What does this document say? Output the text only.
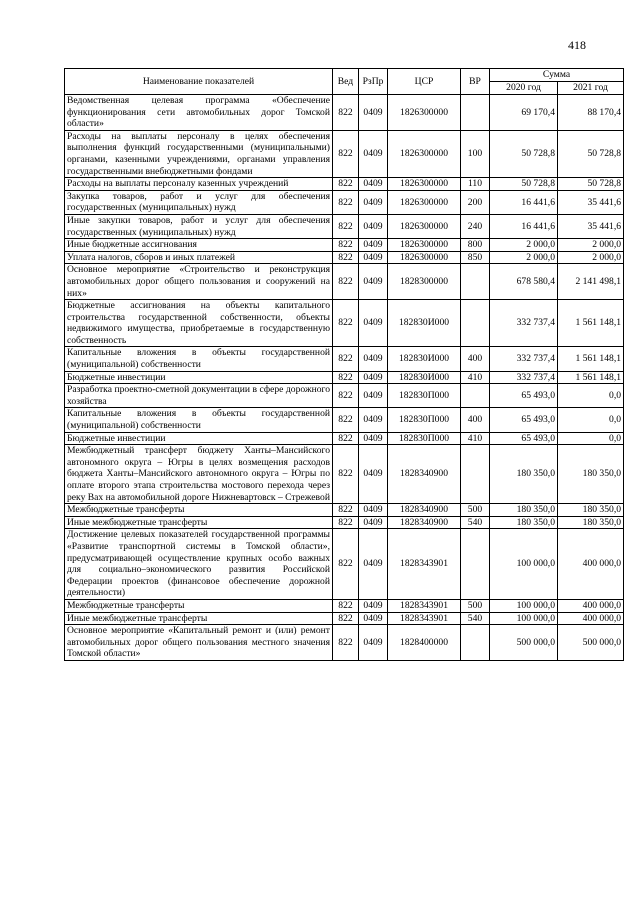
418
Наименование показателей	Вед	РзПр	ЦСР	ВР	Сумма	
					2020 год	2021 год
Ведомственная целевая программа «Обеспечение функционирования сети автомобильных дорог Томской области»	822	0409	1826300000		69 170,4	88 170,4
Расходы на выплаты персоналу в целях обеспечения выполнения функций государственными (муниципальными) органами, казенными учреждениями, органами управления государственными внебюджетными фондами	822	0409	1826300000	100	50 728,8	50 728,8
Расходы на выплаты персоналу казенных учреждений	822	0409	1826300000	110	50 728,8	50 728,8
Закупка товаров, работ и услуг для обеспечения государственных (муниципальных) нужд	822	0409	1826300000	200	16 441,6	35 441,6
Иные закупки товаров, работ и услуг для обеспечения государственных (муниципальных) нужд	822	0409	1826300000	240	16 441,6	35 441,6
Иные бюджетные ассигнования	822	0409	1826300000	800	2 000,0	2 000,0
Уплата налогов, сборов и иных платежей	822	0409	1826300000	850	2 000,0	2 000,0
Основное мероприятие «Строительство и реконструкция автомобильных дорог общего пользования и сооружений на них»	822	0409	1828300000		678 580,4	2 141 498,1
Бюджетные ассигнования на объекты капитального строительства государственной собственности, объекты недвижимого имущества, приобретаемые в государственную собственность	822	0409	182830И000		332 737,4	1 561 148,1
Капитальные вложения в объекты государственной (муниципальной) собственности	822	0409	182830И000	400	332 737,4	1 561 148,1
Бюджетные инвестиции	822	0409	182830И000	410	332 737,4	1 561 148,1
Разработка проектно-сметной документации в сфере дорожного хозяйства	822	0409	182830П000		65 493,0	0,0
Капитальные вложения в объекты государственной (муниципальной) собственности	822	0409	182830П000	400	65 493,0	0,0
Бюджетные инвестиции	822	0409	182830П000	410	65 493,0	0,0
Межбюджетный трансферт бюджету Ханты–Мансийского автономного округа – Югры в целях возмещения расходов бюджета Ханты–Мансийского автономного округа – Югры по оплате второго этапа строительства мостового перехода через реку Вах на автомобильной дороге Нижневартовск – Стрежевой	822	0409	1828340900		180 350,0	180 350,0
Межбюджетные трансферты	822	0409	1828340900	500	180 350,0	180 350,0
Иные межбюджетные трансферты	822	0409	1828340900	540	180 350,0	180 350,0
Достижение целевых показателей государственной программы «Развитие транспортной системы в Томской области», предусматривающей осуществление крупных особо важных для социально–экономического развития Российской Федерации проектов (финансовое обеспечение дорожной деятельности)	822	0409	1828343901		100 000,0	400 000,0
Межбюджетные трансферты	822	0409	1828343901	500	100 000,0	400 000,0
Иные межбюджетные трансферты	822	0409	1828343901	540	100 000,0	400 000,0
Основное мероприятие «Капитальный ремонт и (или) ремонт автомобильных дорог общего пользования местного значения Томской области»	822	0409	1828400000		500 000,0	500 000,0
